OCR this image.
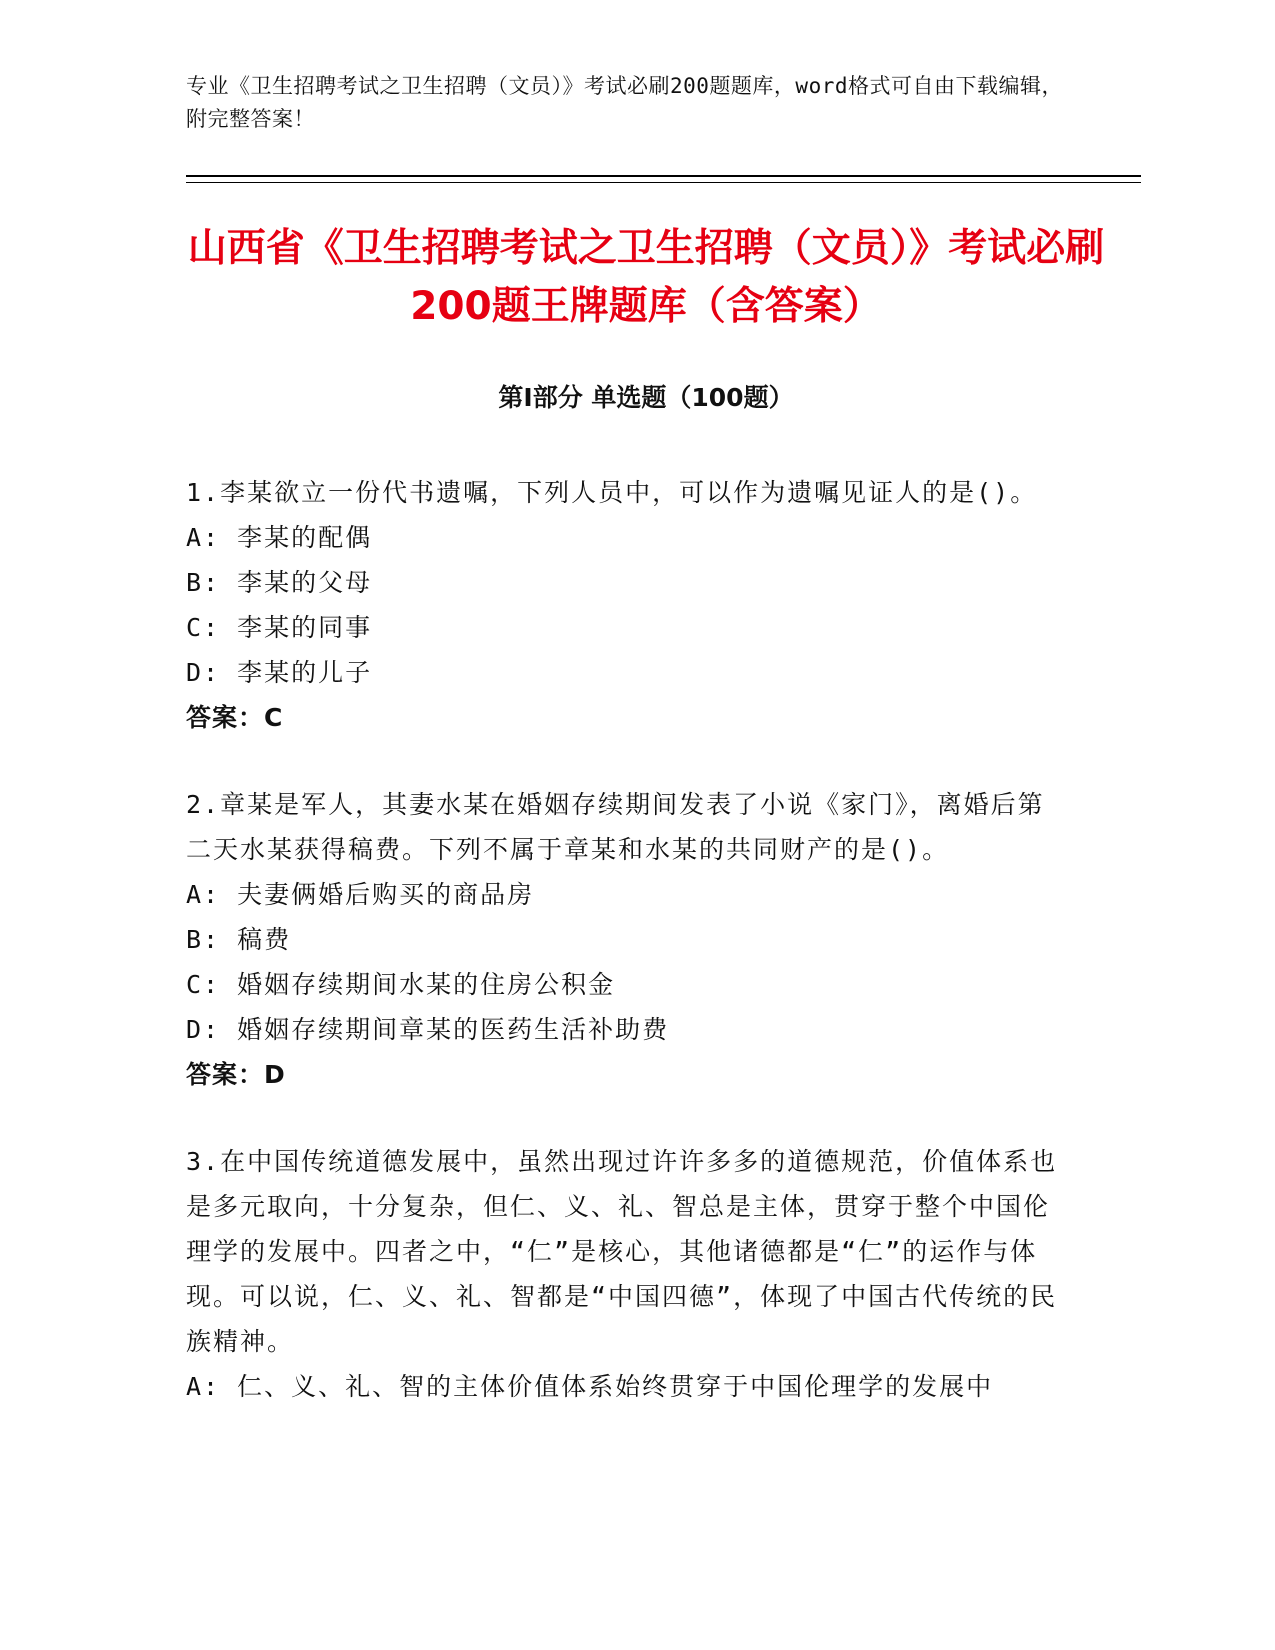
专业《卫生招聘考试之卫生招聘（文员）》考试必刷200题题库，word格式可自由下载编辑，附完整答案！
山西省《卫生招聘考试之卫生招聘（文员）》考试必刷200题王牌题库（含答案）
第Ⅰ部分 单选题（100题）
1.李某欲立一份代书遗嘱，下列人员中，可以作为遗嘱见证人的是()。
A: 李某的配偶
B: 李某的父母
C: 李某的同事
D: 李某的儿子
答案：C
2.章某是军人，其妻水某在婚姻存续期间发表了小说《家门》，离婚后第二天水某获得稿费。下列不属于章某和水某的共同财产的是()。
A: 夫妻俩婚后购买的商品房
B: 稿费
C: 婚姻存续期间水某的住房公积金
D: 婚姻存续期间章某的医药生活补助费
答案：D
3.在中国传统道德发展中，虽然出现过许许多多的道德规范，价值体系也是多元取向，十分复杂，但仁、义、礼、智总是主体，贯穿于整个中国伦理学的发展中。四者之中，“仁”是核心，其他诸德都是“仁”的运作与体现。可以说，仁、义、礼、智都是“中国四德”，体现了中国古代传统的民族精神。
A: 仁、义、礼、智的主体价值体系始终贯穿于中国伦理学的发展中
